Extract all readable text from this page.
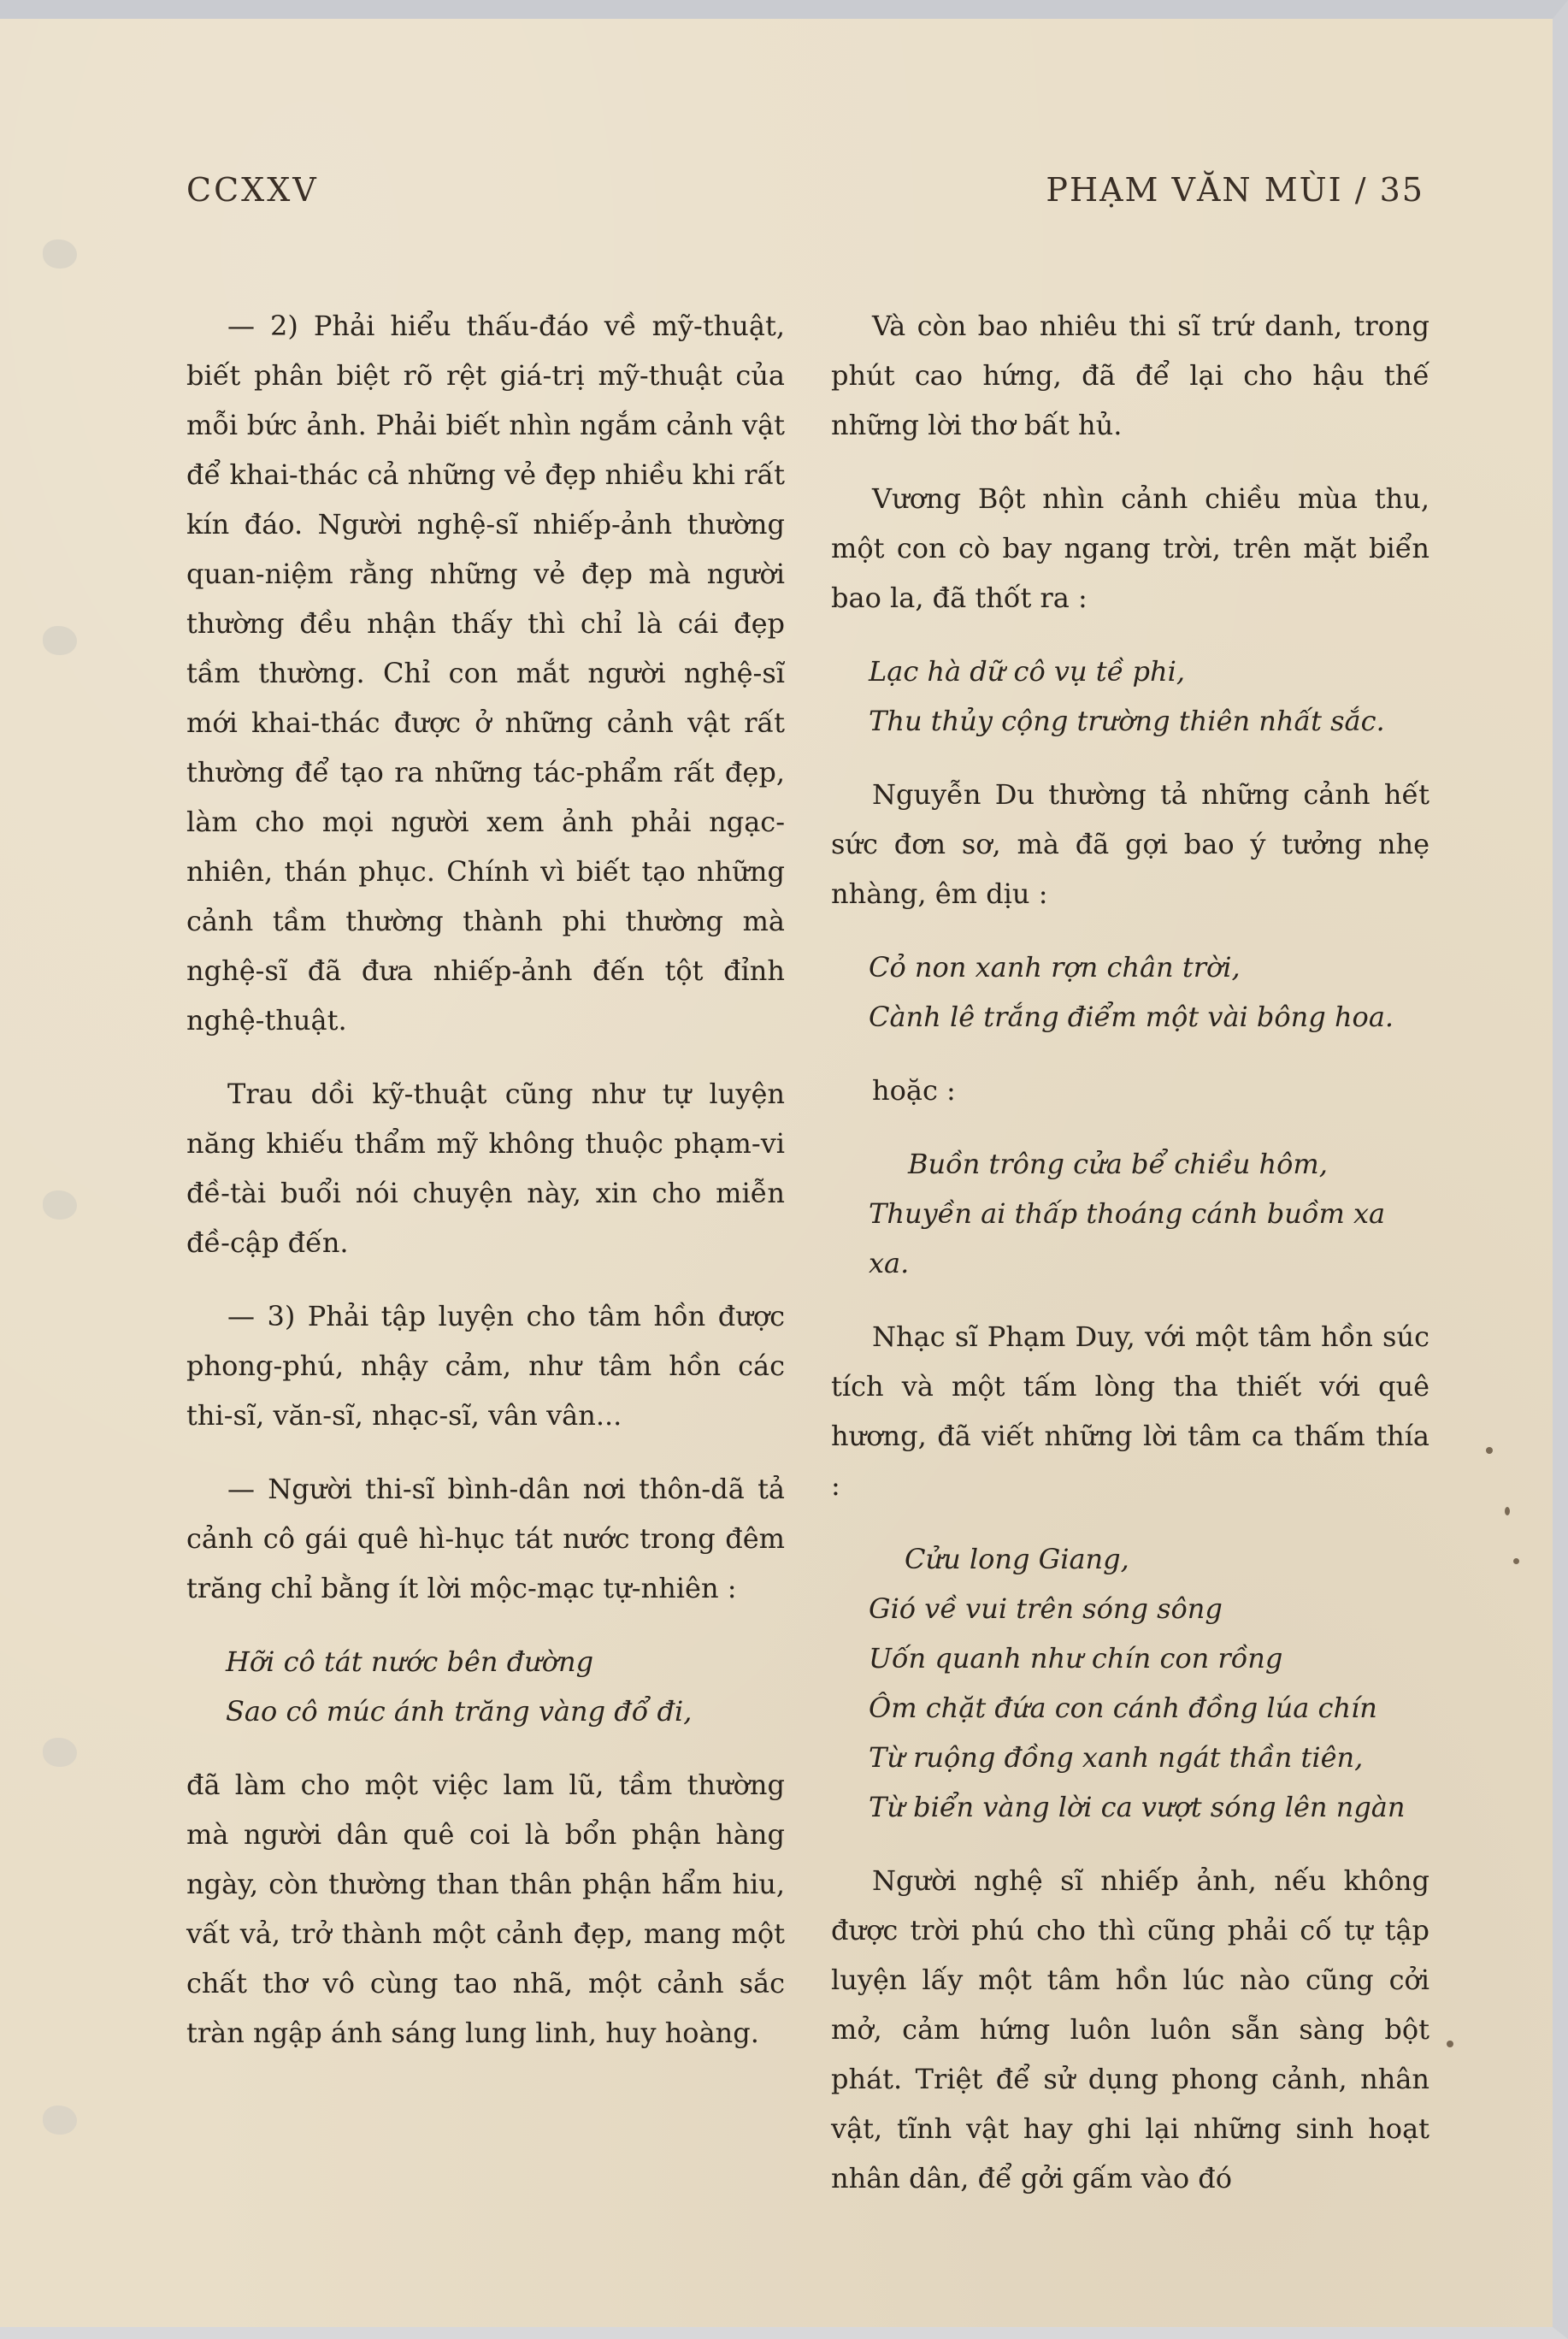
CCXXV	PHẠM VĂN MÙI / 35

— 2) Phải hiểu thấu-đáo về mỹ-thuật, biết phân biệt rõ rệt giá-trị mỹ-thuật của mỗi bức ảnh. Phải biết nhìn ngắm cảnh vật để khai-thác cả những vẻ đẹp nhiều khi rất kín đáo. Người nghệ-sĩ nhiếp-ảnh thường quan-niệm rằng những vẻ đẹp mà người thường đều nhận thấy thì chỉ là cái đẹp tầm thường. Chỉ con mắt người nghệ-sĩ mới khai-thác được ở những cảnh vật rất thường để tạo ra những tác-phẩm rất đẹp, làm cho mọi người xem ảnh phải ngạc-nhiên, thán phục. Chính vì biết tạo những cảnh tầm thường thành phi thường mà nghệ-sĩ đã đưa nhiếp-ảnh đến tột đỉnh nghệ-thuật.

Trau dồi kỹ-thuật cũng như tự luyện năng khiếu thẩm mỹ không thuộc phạm-vi đề-tài buổi nói chuyện này, xin cho miễn đề-cập đến.

— 3) Phải tập luyện cho tâm hồn được phong-phú, nhậy cảm, như tâm hồn các thi-sĩ, văn-sĩ, nhạc-sĩ, vân vân...

— Người thi-sĩ bình-dân nơi thôn-dã tả cảnh cô gái quê hì-hục tát nước trong đêm trăng chỉ bằng ít lời mộc-mạc tự-nhiên :

Hỡi cô tát nước bên đường
Sao cô múc ánh trăng vàng đổ đi,

đã làm cho một việc lam lũ, tầm thường mà người dân quê coi là bổn phận hàng ngày, còn thường than thân phận hẩm hiu, vất vả, trở thành một cảnh đẹp, mang một chất thơ vô cùng tao nhã, một cảnh sắc tràn ngập ánh sáng lung linh, huy hoàng.

Và còn bao nhiêu thi sĩ trứ danh, trong phút cao hứng, đã để lại cho hậu thế những lời thơ bất hủ.

Vương Bột nhìn cảnh chiều mùa thu, một con cò bay ngang trời, trên mặt biển bao la, đã thốt ra :

Lạc hà dữ cô vụ tề phi,
Thu thủy cộng trường thiên nhất sắc.

Nguyễn Du thường tả những cảnh hết sức đơn sơ, mà đã gợi bao ý tưởng nhẹ nhàng, êm dịu :

Cỏ non xanh rợn chân trời,
Cành lê trắng điểm một vài bông hoa.

hoặc :

Buồn trông cửa bể chiều hôm,
Thuyền ai thấp thoáng cánh buồm xa xa.

Nhạc sĩ Phạm Duy, với một tâm hồn súc tích và một tấm lòng tha thiết với quê hương, đã viết những lời tâm ca thấm thía :

Cửu long Giang,
Gió về vui trên sóng sông
Uốn quanh như chín con rồng
Ôm chặt đứa con cánh đồng lúa chín
Từ ruộng đồng xanh ngát thần tiên,
Từ biển vàng lời ca vượt sóng lên ngàn

Người nghệ sĩ nhiếp ảnh, nếu không được trời phú cho thì cũng phải cố tự tập luyện lấy một tâm hồn lúc nào cũng cởi mở, cảm hứng luôn luôn sẵn sàng bột phát. Triệt để sử dụng phong cảnh, nhân vật, tĩnh vật hay ghi lại những sinh hoạt nhân dân, để gởi gấm vào đó
